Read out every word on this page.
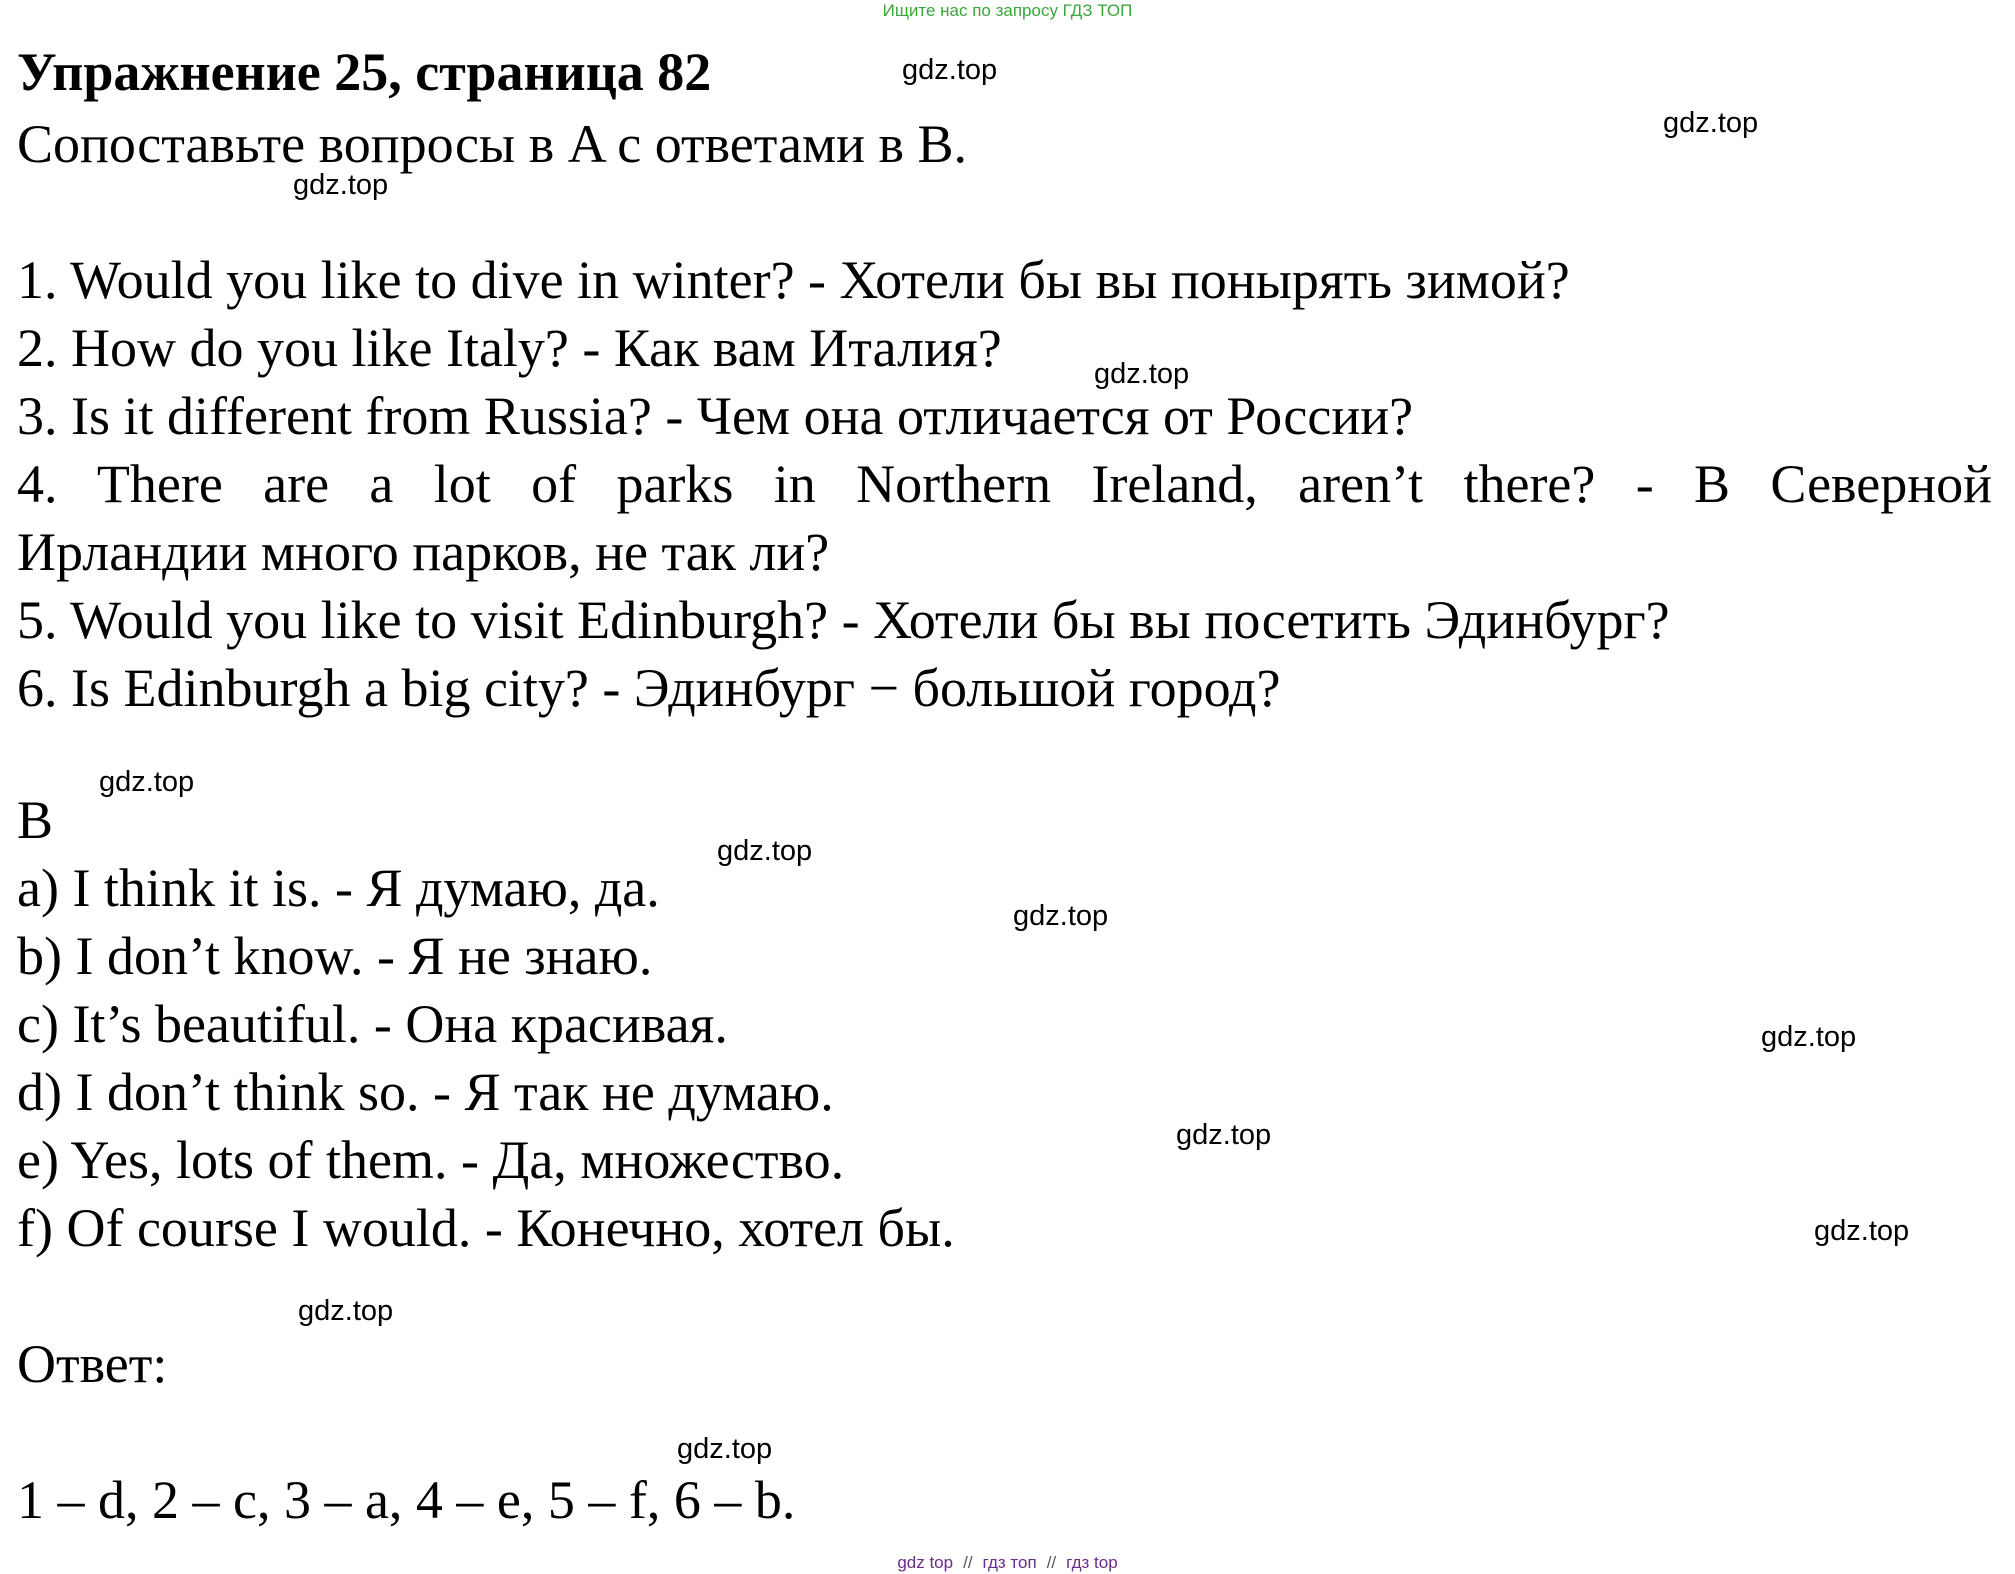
Ищите нас по запросу ГДЗ ТОП
Упражнение 25, страница 82
Сопоставьте вопросы в A с ответами в B.
1. Would you like to dive in winter? - Хотели бы вы понырять зимой?
2. How do you like Italy? - Как вам Италия?
3. Is it different from Russia? - Чем она отличается от России?
4. There are a lot of parks in Northern Ireland, aren’t there? - В Северной
Ирландии много парков, не так ли?
5. Would you like to visit Edinburgh? - Хотели бы вы посетить Эдинбург?
6. Is Edinburgh a big city? - Эдинбург − большой город?
B
a) I think it is. - Я думаю, да.
b) I don’t know. - Я не знаю.
c) It’s beautiful. - Она красивая.
d) I don’t think so. - Я так не думаю.
e) Yes, lots of them. - Да, множество.
f) Of course I would. - Конечно, хотел бы.
Ответ:
1 – d, 2 – c, 3 – a, 4 – e, 5 – f, 6 – b.
gdz.top
gdz.top
gdz.top
gdz.top
gdz.top
gdz.top
gdz.top
gdz.top
gdz.top
gdz.top
gdz.top
gdz.top
gdz top // гдз топ // гдз top
